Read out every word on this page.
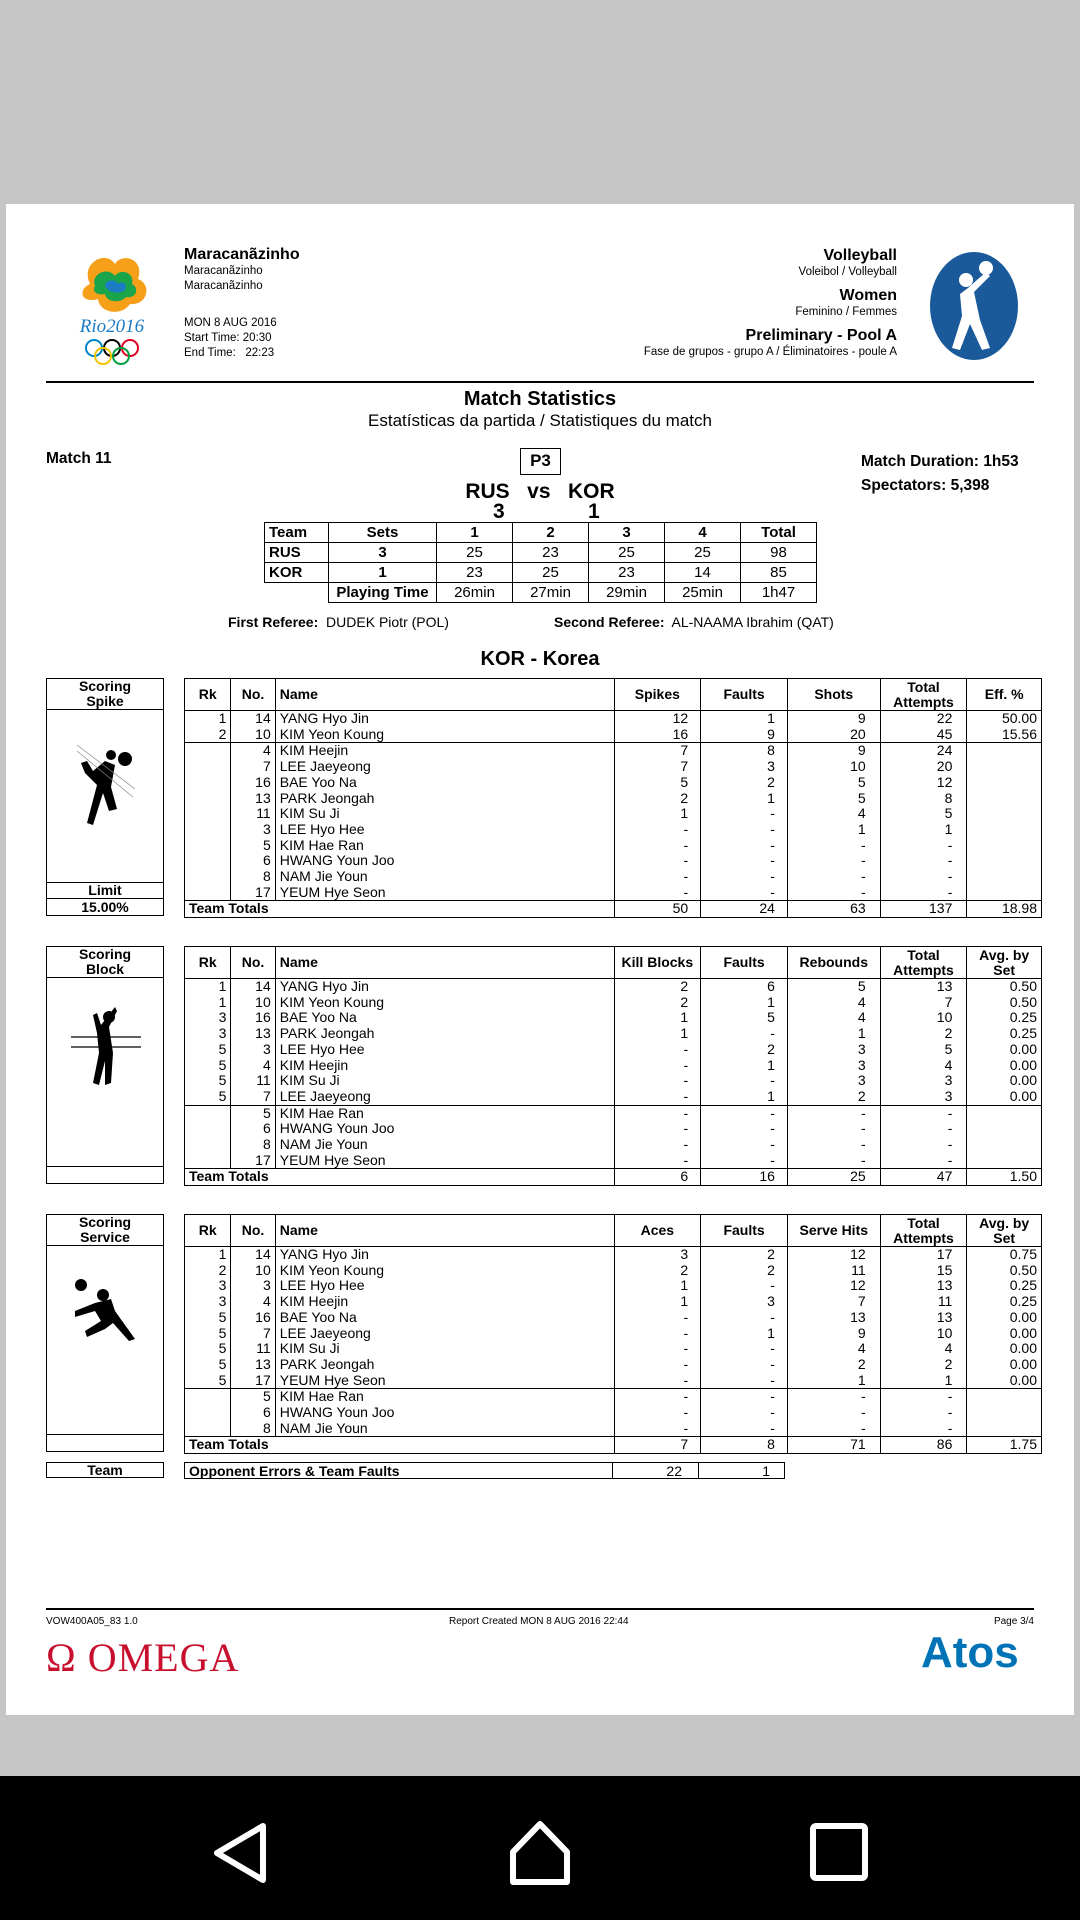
Rio2016
Maracanãzinho
Maracanãzinho
Maracanãzinho
MON 8 AUG 2016
Start Time: 20:30
End Time:   22:23
Volleyball
Voleibol / Volleyball
Women
Feminino / Femmes
Preliminary - Pool A
Fase de grupos - grupo A / Éliminatoires - poule A
Match Statistics
Estatísticas da partida / Statistiques du match
Match 11	P3
RUS   vs   KOR
3	1
Match Duration: 1h53
Spectators: 5,398
Team	Sets	1	2	3	4	Total
RUS	3	25	23	25	25	98
KOR	1	23	25	23	14	85
	Playing Time	26min	27min	29min	25min	1h47
First Referee: DUDEK Piotr (POL)	Second Referee: AL-NAAMA Ibrahim (QAT)
KOR - Korea
Scoring
Spike
Limit
15.00%
Rk	No.	Name	Spikes	Faults	Shots	Total Attempts	Eff. %
1	14	YANG Hyo Jin	12	1	9	22	50.00
2	10	KIM Yeon Koung	16	9	20	45	15.56
	4	KIM Heejin	7	8	9	24	
	7	LEE Jaeyeong	7	3	10	20	
	16	BAE Yoo Na	5	2	5	12	
	13	PARK Jeongah	2	1	5	8	
	11	KIM Su Ji	1	-	4	5	
	3	LEE Hyo Hee	-	-	1	1	
	5	KIM Hae Ran	-	-	-	-	
	6	HWANG Youn Joo	-	-	-	-	
	8	NAM Jie Youn	-	-	-	-	
	17	YEUM Hye Seon	-	-	-	-	
Team Totals			50	24	63	137	18.98
Scoring
Block	Rk	No.	Name	Kill Blocks	Faults	Rebounds	Total Attempts	Avg. by Set
1	14	YANG Hyo Jin	2	6	5	13	0.50
1	10	KIM Yeon Koung	2	1	4	7	0.50
3	16	BAE Yoo Na	1	5	4	10	0.25
3	13	PARK Jeongah	1	-	1	2	0.25
5	3	LEE Hyo Hee	-	2	3	5	0.00
5	4	KIM Heejin	-	1	3	4	0.00
5	11	KIM Su Ji	-	-	3	3	0.00
5	7	LEE Jaeyeong	-	1	2	3	0.00
	5	KIM Hae Ran	-	-	-	-	
	6	HWANG Youn Joo	-	-	-	-	
	8	NAM Jie Youn	-	-	-	-	
	17	YEUM Hye Seon	-	-	-	-	
Team Totals			6	16	25	47	1.50
Scoring
Service	Rk	No.	Name	Aces	Faults	Serve Hits	Total Attempts	Avg. by Set
1	14	YANG Hyo Jin	3	2	12	17	0.75
2	10	KIM Yeon Koung	2	2	11	15	0.50
3	3	LEE Hyo Hee	1	-	12	13	0.25
3	4	KIM Heejin	1	3	7	11	0.25
5	16	BAE Yoo Na	-	-	13	13	0.00
5	7	LEE Jaeyeong	-	1	9	10	0.00
5	11	KIM Su Ji	-	-	4	4	0.00
5	13	PARK Jeongah	-	-	2	2	0.00
5	17	YEUM Hye Seon	-	-	1	1	0.00
	5	KIM Hae Ran	-	-	-	-	
	6	HWANG Youn Joo	-	-	-	-	
	8	NAM Jie Youn	-	-	-	-	
Team Totals			7	8	71	86	1.75
Team	Opponent Errors & Team Faults	22	1
VOW400A05_83 1.0	Report Created MON 8 AUG 2016 22:44	Page 3/4
Ω OMEGA	Atos
